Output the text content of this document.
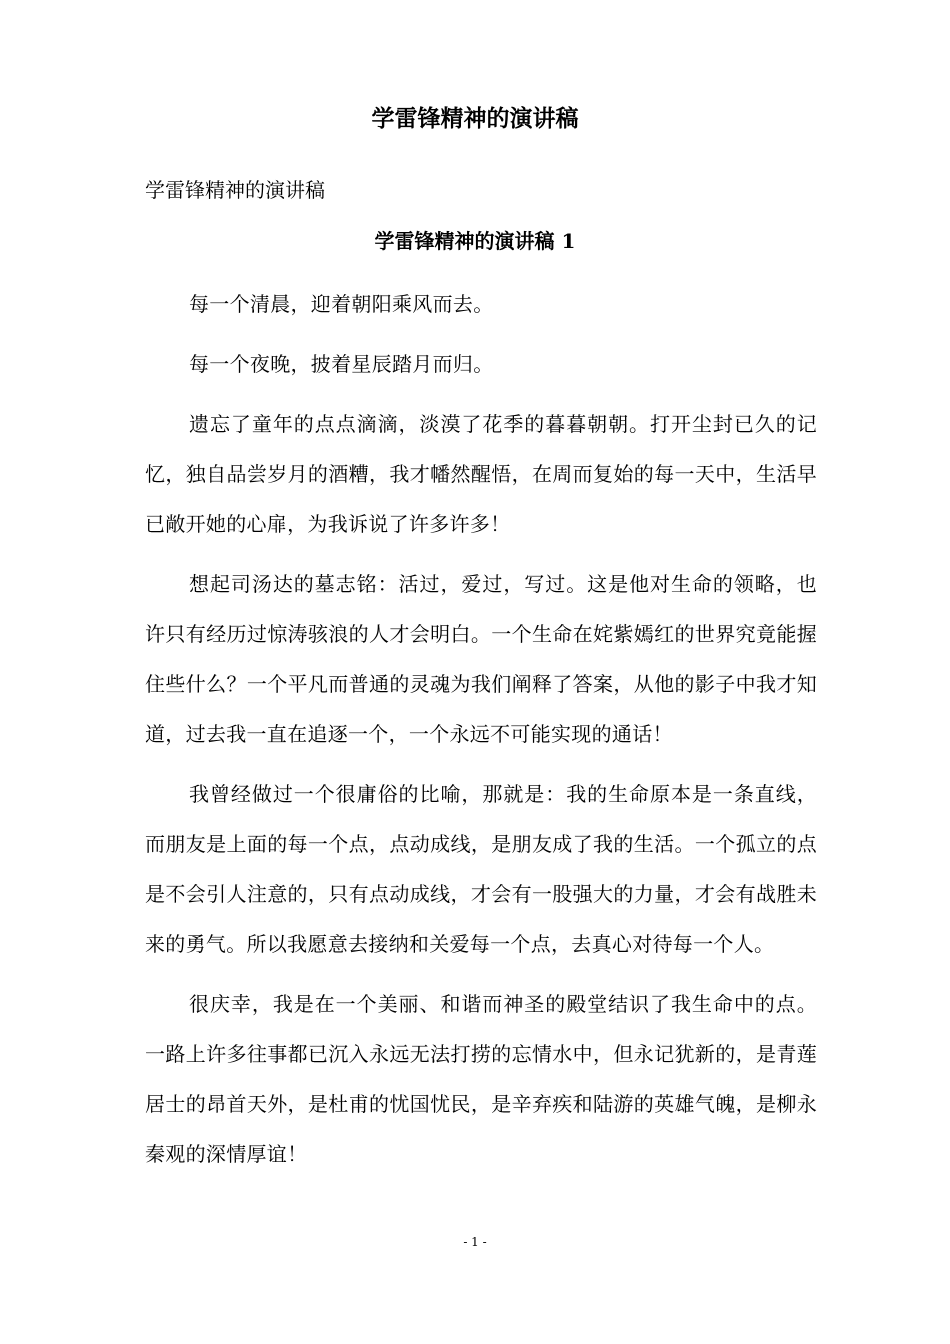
学雷锋精神的演讲稿

学雷锋精神的演讲稿

学雷锋精神的演讲稿 1

每一个清晨，迎着朝阳乘风而去。

每一个夜晚，披着星辰踏月而归。

遗忘了童年的点点滴滴，淡漠了花季的暮暮朝朝。打开尘封已久的记忆，独自品尝岁月的酒糟，我才幡然醒悟，在周而复始的每一天中，生活早已敞开她的心扉，为我诉说了许多许多！

想起司汤达的墓志铭：活过，爱过，写过。这是他对生命的领略，也许只有经历过惊涛骇浪的人才会明白。一个生命在姹紫嫣红的世界究竟能握住些什么？一个平凡而普通的灵魂为我们阐释了答案，从他的影子中我才知道，过去我一直在追逐一个，一个永远不可能实现的通话！

我曾经做过一个很庸俗的比喻，那就是：我的生命原本是一条直线，而朋友是上面的每一个点，点动成线，是朋友成了我的生活。一个孤立的点是不会引人注意的，只有点动成线，才会有一股强大的力量，才会有战胜未来的勇气。所以我愿意去接纳和关爱每一个点，去真心对待每一个人。

很庆幸，我是在一个美丽、和谐而神圣的殿堂结识了我生命中的点。一路上许多往事都已沉入永远无法打捞的忘情水中，但永记犹新的，是青莲居士的昂首天外，是杜甫的忧国忧民，是辛弃疾和陆游的英雄气魄，是柳永秦观的深情厚谊！

- 1 -
